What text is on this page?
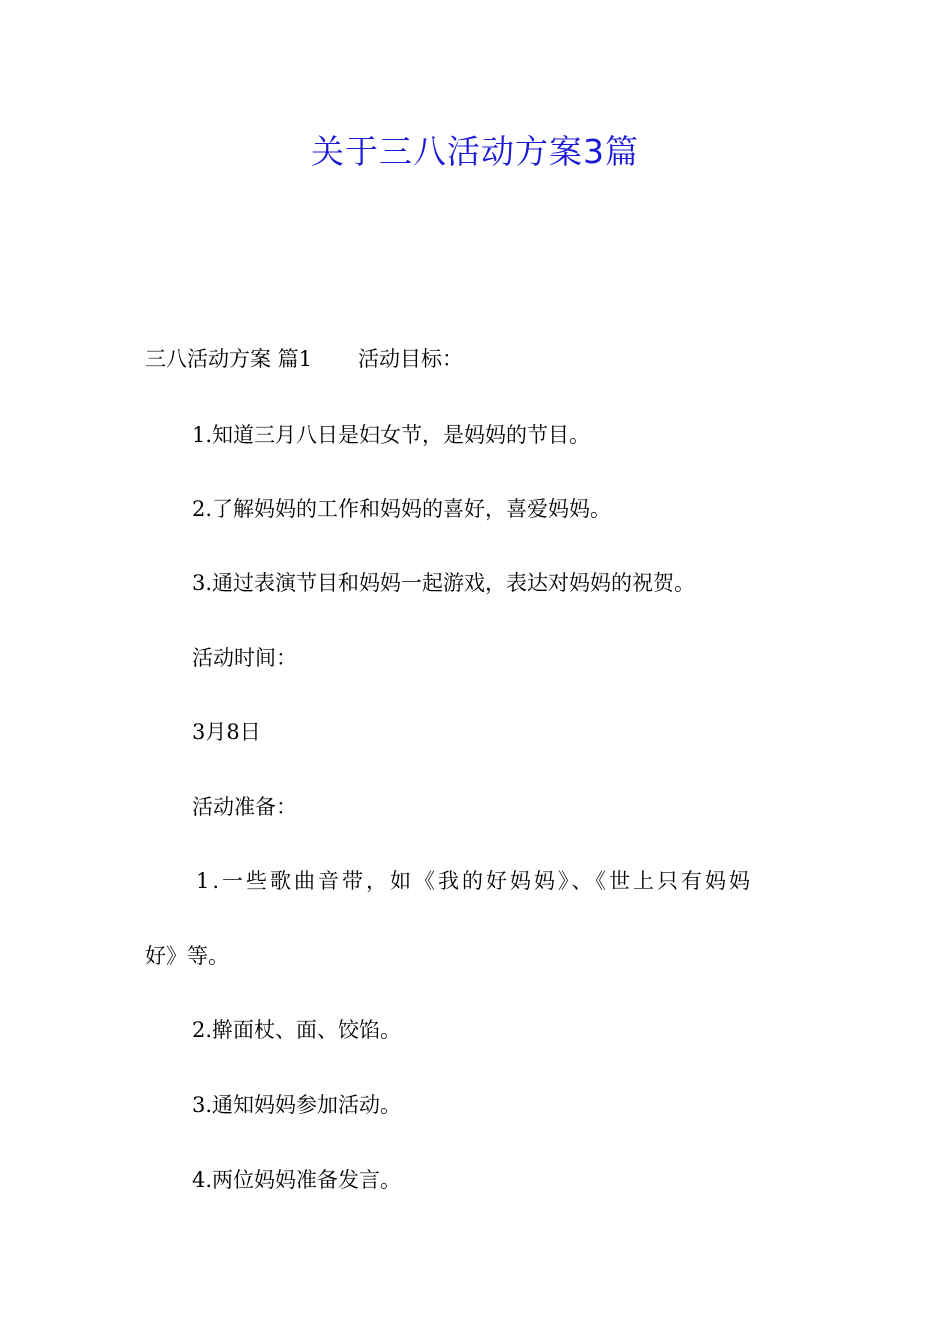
关于三八活动方案3篇
三八活动方案 篇1 活动目标：
1.知道三月八日是妇女节，是妈妈的节目。
2.了解妈妈的工作和妈妈的喜好，喜爱妈妈。
3.通过表演节目和妈妈一起游戏，表达对妈妈的祝贺。
活动时间：
3月8日
活动准备：
1.一些歌曲音带，如《我的好妈妈》、《世上只有妈妈
好》等。
2.擀面杖、面、饺馅。
3.通知妈妈参加活动。
4.两位妈妈准备发言。
